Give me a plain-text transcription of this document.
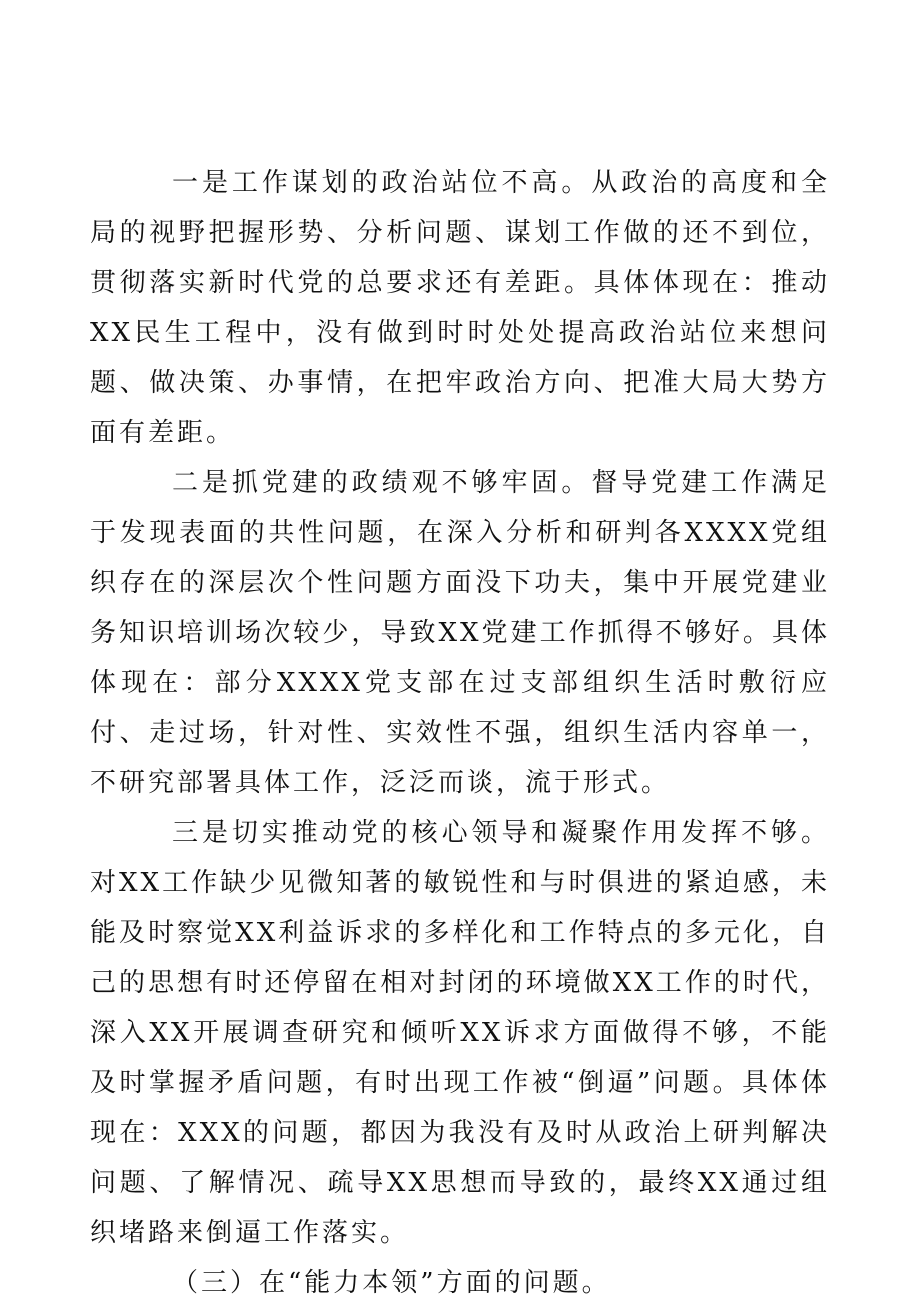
一是工作谋划的政治站位不高。从政治的高度和全局的视野把握形势、分析问题、谋划工作做的还不到位，贯彻落实新时代党的总要求还有差距。具体体现在：推动XX民生工程中，没有做到时时处处提高政治站位来想问题、做决策、办事情，在把牢政治方向、把准大局大势方面有差距。

二是抓党建的政绩观不够牢固。督导党建工作满足于发现表面的共性问题，在深入分析和研判各XXXX党组织存在的深层次个性问题方面没下功夫，集中开展党建业务知识培训场次较少，导致XX党建工作抓得不够好。具体体现在：部分XXXX党支部在过支部组织生活时敷衍应付、走过场，针对性、实效性不强，组织生活内容单一，不研究部署具体工作，泛泛而谈，流于形式。

三是切实推动党的核心领导和凝聚作用发挥不够。对XX工作缺少见微知著的敏锐性和与时俱进的紧迫感，未能及时察觉XX利益诉求的多样化和工作特点的多元化，自己的思想有时还停留在相对封闭的环境做XX工作的时代，深入XX开展调查研究和倾听XX诉求方面做得不够，不能及时掌握矛盾问题，有时出现工作被“倒逼”问题。具体体现在：XXX的问题，都因为我没有及时从政治上研判解决问题、了解情况、疏导XX思想而导致的，最终XX通过组织堵路来倒逼工作落实。

（三）在“能力本领”方面的问题。
